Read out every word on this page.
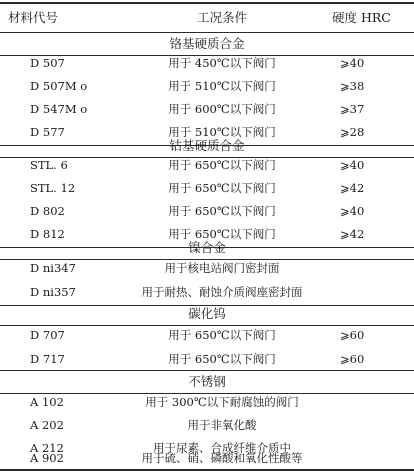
材料代号	工况条件	硬度 HRC
铬基硬质合金
D 507	用于 450℃以下阀门	⩾40
D 507M o	用于 510℃以下阀门	⩾38
D 547M o	用于 600℃以下阀门	⩾37
D 577	用于 510℃以下阀门	⩾28
钴基硬质合金
STL. 6	用于 650℃以下阀门	⩾40
STL. 12	用于 650℃以下阀门	⩾42
D 802	用于 650℃以下阀门	⩾40
D 812	用于 650℃以下阀门	⩾42
镍合金
D ni347	用于核电站阀门密封面
D ni357	用于耐热、耐蚀介质阀座密封面
碳化钨
D 707	用于 650℃以下阀门	⩾60
D 717	用于 650℃以下阀门	⩾60
不锈钢
A 102	用于 300℃以下耐腐蚀的阀门
A 202	用于非氧化酸
A 212	用于尿素、合成纤维介质中
A 902	用于硫、硝、磷酸和氧化性酸等
